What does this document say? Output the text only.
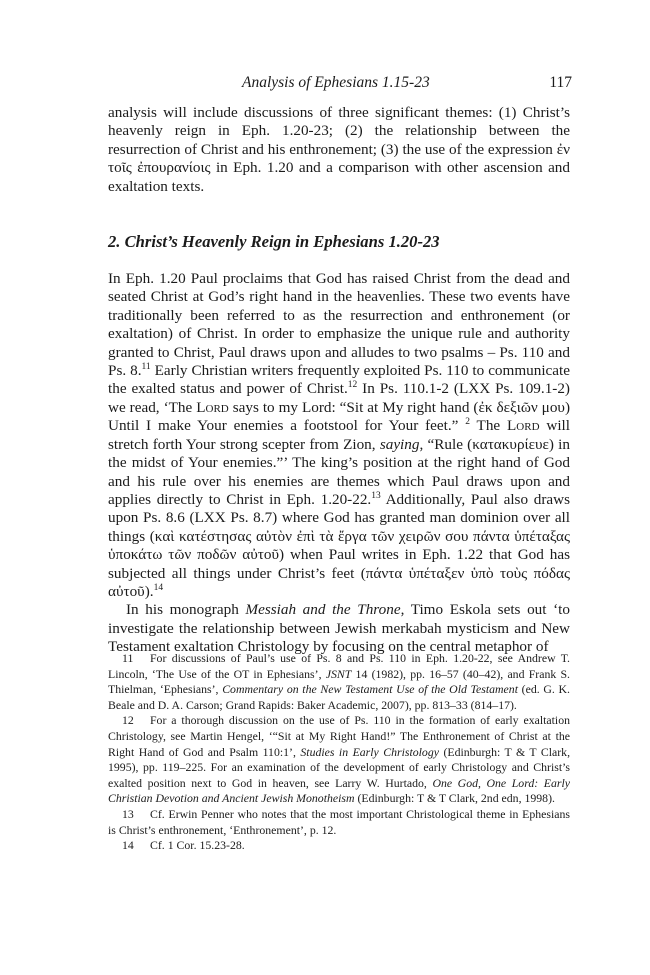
Analysis of Ephesians 1.15-23	117

analysis will include discussions of three significant themes: (1) Christ’s heavenly reign in Eph. 1.20-23; (2) the relationship between the resurrection of Christ and his enthronement; (3) the use of the expression ἐν τοῖς ἐπουρανίοις in Eph. 1.20 and a comparison with other ascension and exaltation texts.

2. Christ’s Heavenly Reign in Ephesians 1.20-23

In Eph. 1.20 Paul proclaims that God has raised Christ from the dead and seated Christ at God’s right hand in the heavenlies. These two events have traditionally been referred to as the resurrection and enthronement (or exaltation) of Christ. In order to emphasize the unique rule and authority granted to Christ, Paul draws upon and alludes to two psalms – Ps. 110 and Ps. 8.11 Early Christian writers frequently exploited Ps. 110 to communicate the exalted status and power of Christ.$^{12}$ In Ps. 110.1-2 (LXX Ps. 109.1-2) we read, ‘The Lord says to my Lord: “Sit at My right hand (ἐκ δεξιῶν μου) Until I make Your enemies a footstool for Your feet.” $^2$ The Lord will stretch forth Your strong scepter from Zion, saying, “Rule (κατακυρίευε) in the midst of Your enemies.”’ The king’s position at the right hand of God and his rule over his enemies are themes which Paul draws upon and applies directly to Christ in Eph. 1.20-22.13 Additionally, Paul also draws upon Ps. 8.6 (LXX Ps. 8.7) where God has granted man dominion over all things (καὶ κατέστησας αὐτὸν ἐπὶ τὰ ἔργα τῶν χειρῶν σου πάντα ὑπέταξας ὑποκάτω τῶν ποδῶν αὐτοῦ) when Paul writes in Eph. 1.22 that God has subjected all things under Christ’s feet (πάντα ὑπέταξεν ὑπὸ τοὺς πόδας αὐτοῦ).$^{14}$

In his monograph Messiah and the Throne, Timo Eskola sets out ‘to investigate the relationship between Jewish merkabah mysticism and New Testament exaltation Christology by focusing on the central metaphor of

11 For discussions of Paul’s use of Ps. 8 and Ps. 110 in Eph. 1.20-22, see Andrew T. Lincoln, ‘The Use of the OT in Ephesians’, JSNT 14 (1982), pp. 16–57 (40–42), and Frank S. Thielman, ‘Ephesians’, Commentary on the New Testament Use of the Old Testament (ed. G. K. Beale and D. A. Carson; Grand Rapids: Baker Academic, 2007), pp. 813–33 (814–17).

12 For a thorough discussion on the use of Ps. 110 in the formation of early exaltation Christology, see Martin Hengel, ‘“Sit at My Right Hand!” The Enthronement of Christ at the Right Hand of God and Psalm 110:1’, Studies in Early Christology (Edinburgh: T & T Clark, 1995), pp. 119–225. For an examination of the development of early Christology and Christ’s exalted position next to God in heaven, see Larry W. Hurtado, One God, One Lord: Early Christian Devotion and Ancient Jewish Monotheism (Edinburgh: T & T Clark, 2nd edn, 1998).

13 Cf. Erwin Penner who notes that the most important Christological theme in Ephesians is Christ’s enthronement, ‘Enthronement’, p. 12.

14 Cf. 1 Cor. 15.23-28.
